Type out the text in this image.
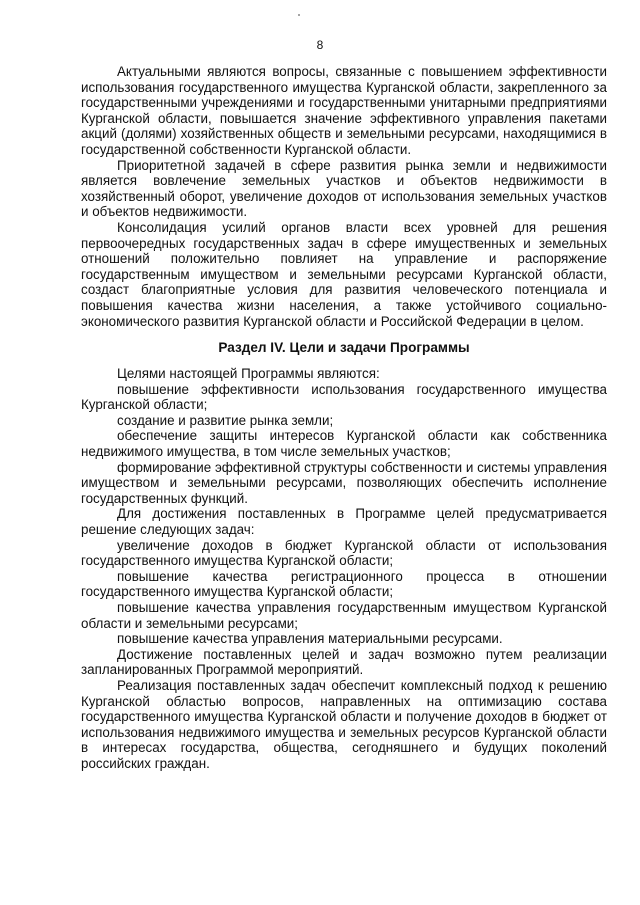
8

Актуальными являются вопросы, связанные с повышением эффективности использования государственного имущества Курганской области, закрепленного за государственными учреждениями и государственными унитарными предприятиями Курганской области, повышается значение эффективного управления пакетами акций (долями) хозяйственных обществ и земельными ресурсами, находящимися в государственной собственности Курганской области.

Приоритетной задачей в сфере развития рынка земли и недвижимости является вовлечение земельных участков и объектов недвижимости в хозяйственный оборот, увеличение доходов от использования земельных участков и объектов недвижимости.

Консолидация усилий органов власти всех уровней для решения первоочередных государственных задач в сфере имущественных и земельных отношений положительно повлияет на управление и распоряжение государственным имуществом и земельными ресурсами Курганской области, создаст благоприятные условия для развития человеческого потенциала и повышения качества жизни населения, а также устойчивого социально-экономического развития Курганской области и Российской Федерации в целом.

Раздел IV. Цели и задачи Программы

Целями настоящей Программы являются:

повышение эффективности использования государственного имущества Курганской области;

создание и развитие рынка земли;

обеспечение защиты интересов Курганской области как собственника недвижимого имущества, в том числе земельных участков;

формирование эффективной структуры собственности и системы управления имуществом и земельными ресурсами, позволяющих обеспечить исполнение государственных функций.

Для достижения поставленных в Программе целей предусматривается решение следующих задач:

увеличение доходов в бюджет Курганской области от использования государственного имущества Курганской области;

повышение качества регистрационного процесса в отношении государственного имущества Курганской области;

повышение качества управления государственным имуществом Курганской области и земельными ресурсами;

повышение качества управления материальными ресурсами.

Достижение поставленных целей и задач возможно путем реализации запланированных Программой мероприятий.

Реализация поставленных задач обеспечит комплексный подход к решению Курганской областью вопросов, направленных на оптимизацию состава государственного имущества Курганской области и получение доходов в бюджет от использования недвижимого имущества и земельных ресурсов Курганской области в интересах государства, общества, сегодняшнего и будущих поколений российских граждан.
